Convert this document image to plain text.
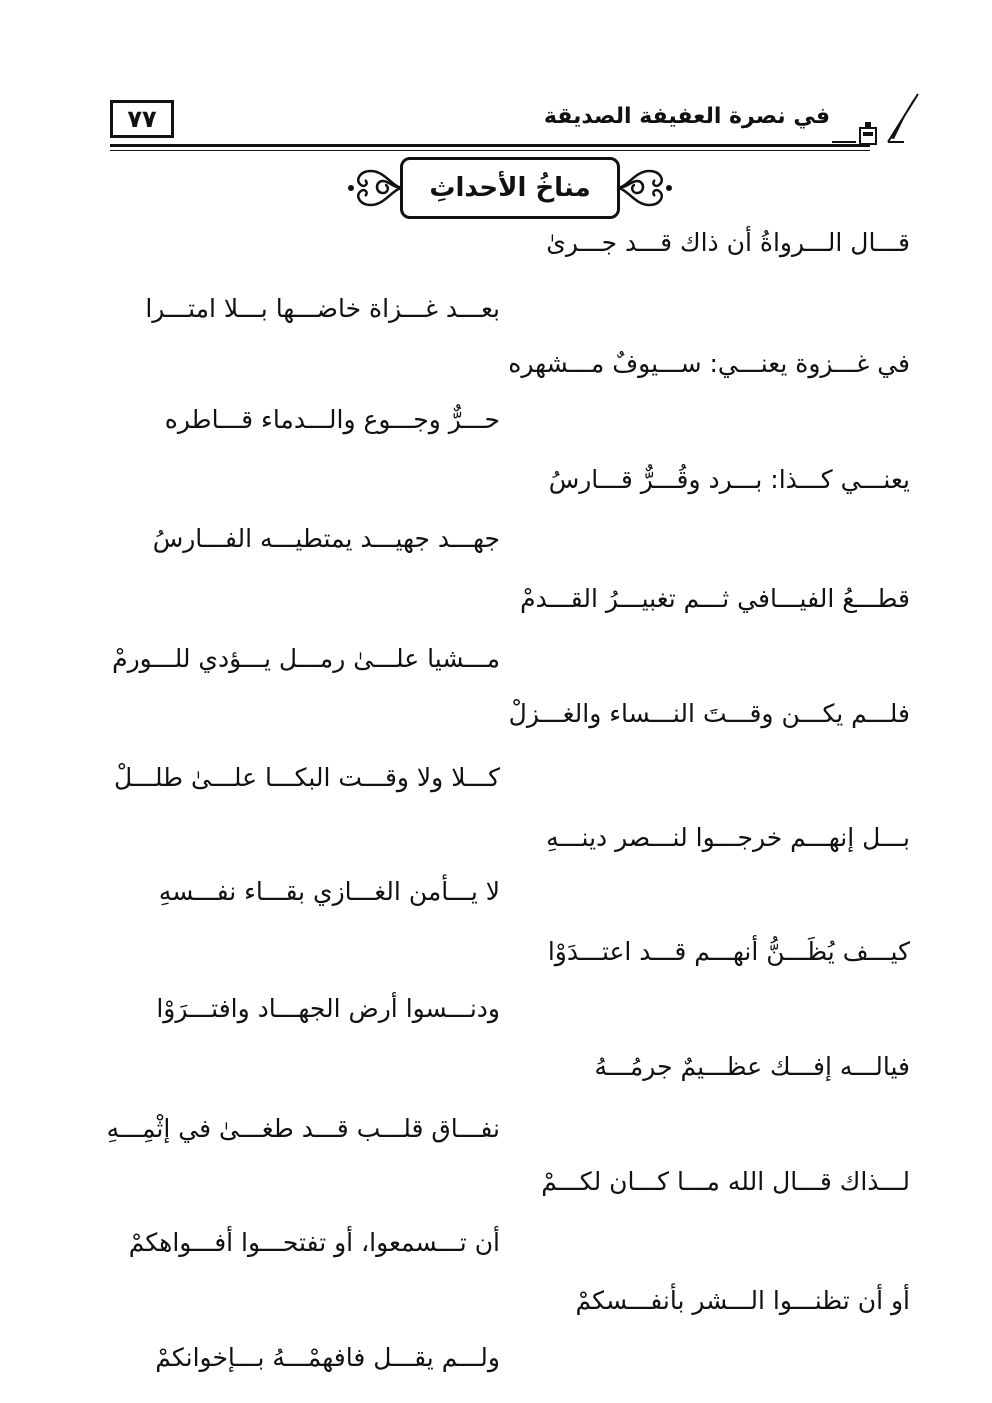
٧٧	في نصرة العفيفة الصديقة
مناخُ الأحداثِ
قـــال الـــرواةُ أن ذاك قـــد جـــرىٰ
بعـــد غـــزاة خاضـــها بـــلا امتـــرا
في غـــزوة يعنـــي: ســـيوفٌ مـــشهره
حـــرٌّ وجـــوع والـــدماء قـــاطره
يعنـــي كـــذا: بـــرد وقُـــرٌّ قـــارسُ
جهـــد جهيـــد يمتطيـــه الفـــارسُ
قطـــعُ الفيـــافي ثـــم تغبيـــرُ القـــدمْ
مـــشيا علـــىٰ رمـــل يـــؤدي للـــورمْ
فلـــم يكـــن وقـــتَ النـــساء والغـــزلْ
كـــلا ولا وقـــت البكـــا علـــىٰ طلـــلْ
بـــل إنهـــم خرجـــوا لنـــصر دينـــهِ
لا يـــأمن الغـــازي بقـــاء نفـــسهِ
كيـــف يُظَـــنُّ أنهـــم قـــد اعتـــدَوْا
ودنـــسوا أرض الجهـــاد وافتـــرَوْا
فيالـــه إفـــك عظـــيمٌ جرمُـــهُ
نفـــاق قلـــب قـــد طغـــىٰ في إثْمِـــهِ
لـــذاك قـــال الله مـــا كـــان لكـــمْ
أن تـــسمعوا، أو تفتحـــوا أفـــواهكمْ
أو أن تظنـــوا الـــشر بأنفـــسكمْ
ولـــم يقـــل فافهمْـــهُ بـــإخوانكمْ
